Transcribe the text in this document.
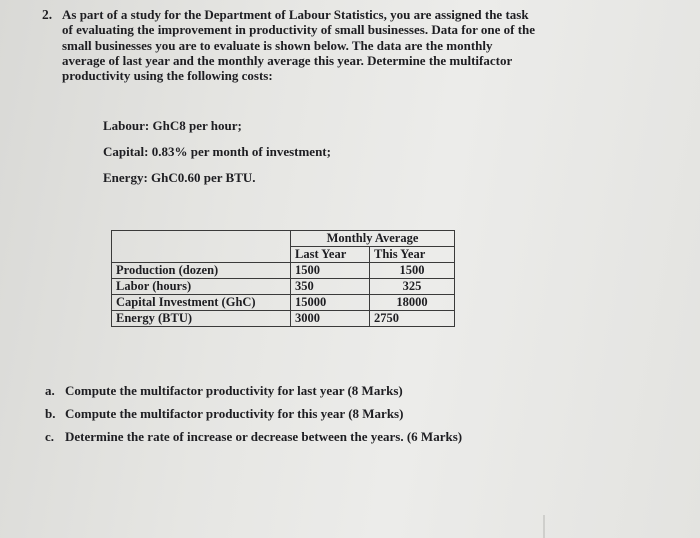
2. As part of a study for the Department of Labour Statistics, you are assigned the task
of evaluating the improvement in productivity of small businesses. Data for one of the
small businesses you are to evaluate is shown below. The data are the monthly
average of last year and the monthly average this year. Determine the multifactor
productivity using the following costs:
Labour: GhC8 per hour;
Capital: 0.83% per month of investment;
Energy: GhC0.60 per BTU.
	Monthly Average	
	Last Year	This Year
Production (dozen)	1500	1500
Labor (hours)	350	325
Capital Investment (GhC)	15000	18000
Energy (BTU)	3000	2750
a. Compute the multifactor productivity for last year (8 Marks)
b. Compute the multifactor productivity for this year (8 Marks)
c. Determine the rate of increase or decrease between the years. (6 Marks)
